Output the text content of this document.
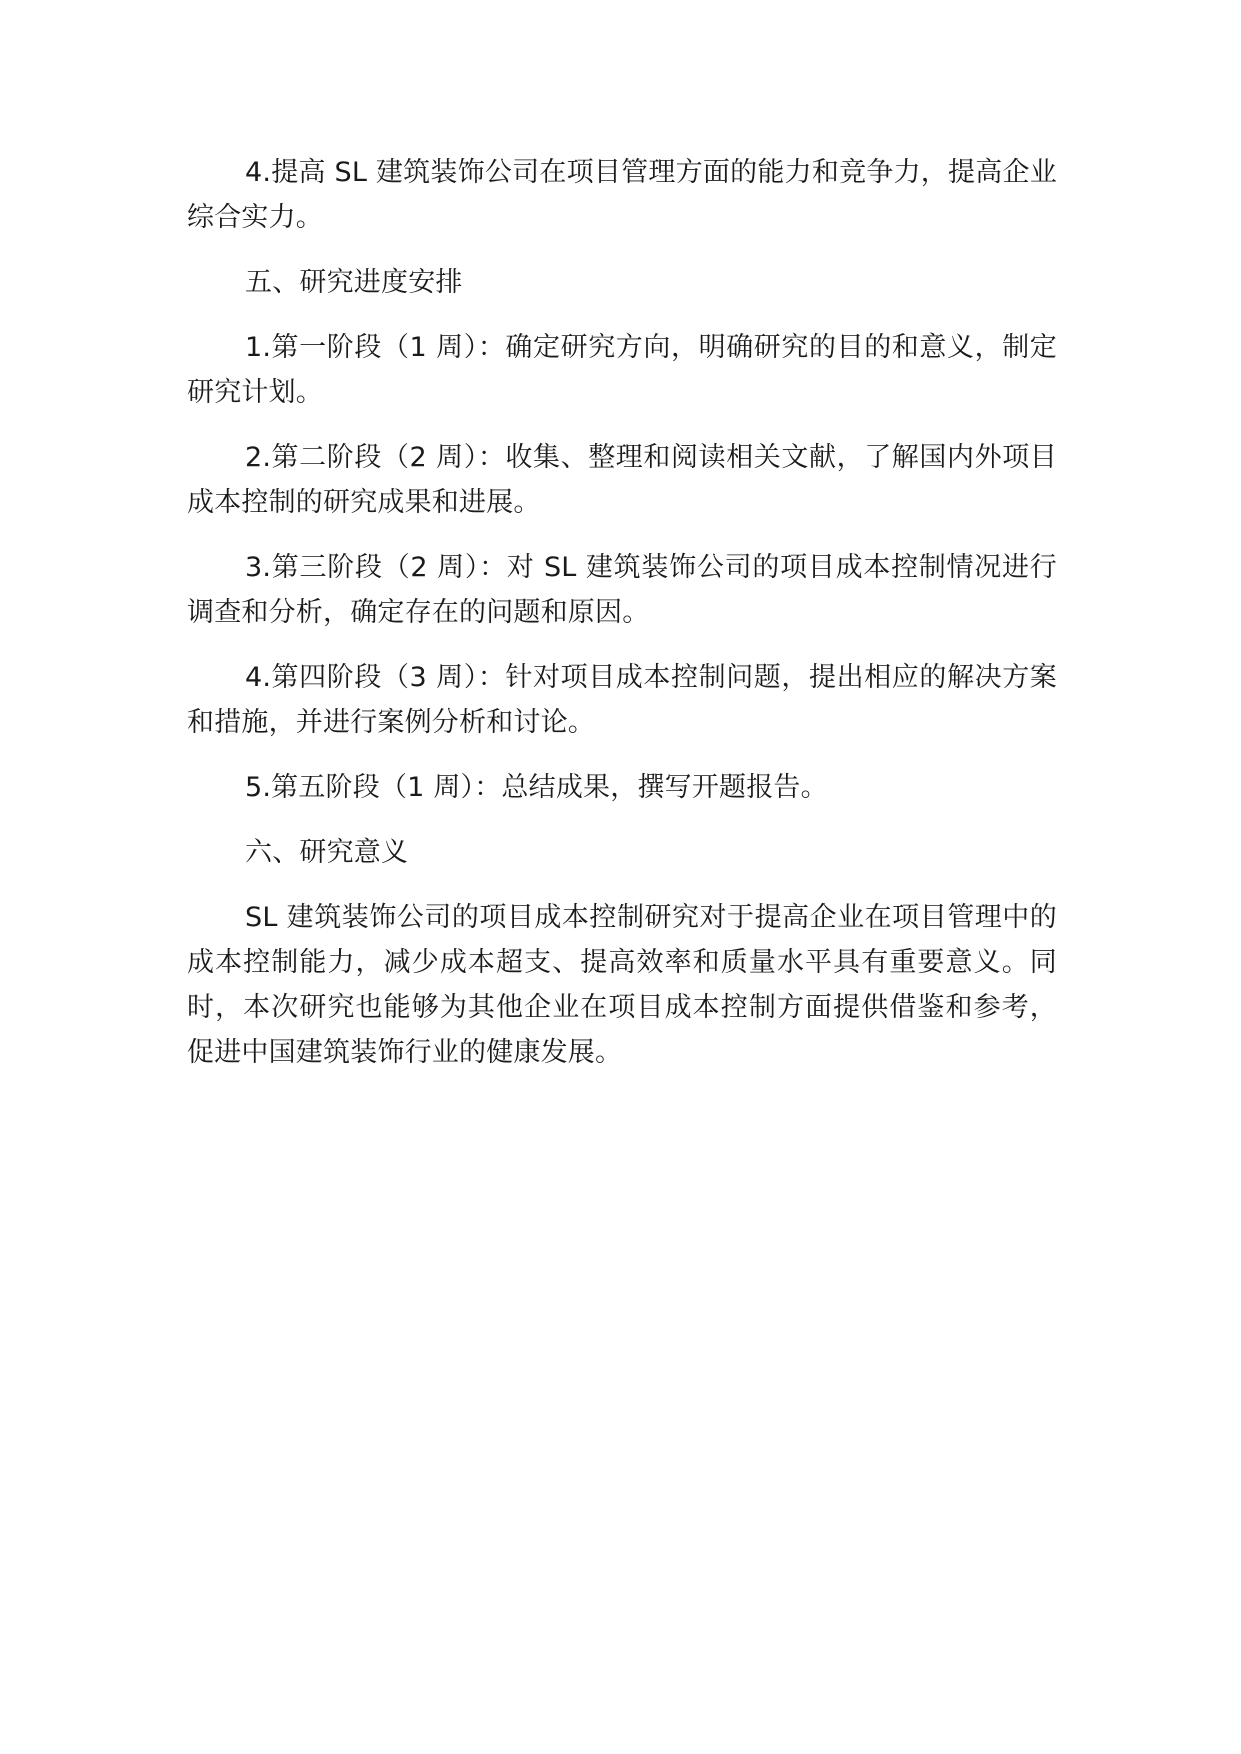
4.提高 SL 建筑装饰公司在项目管理方面的能力和竞争力，提高企业综合实力。

五、研究进度安排

1.第一阶段（1 周）：确定研究方向，明确研究的目的和意义，制定研究计划。

2.第二阶段（2 周）：收集、整理和阅读相关文献，了解国内外项目成本控制的研究成果和进展。

3.第三阶段（2 周）：对 SL 建筑装饰公司的项目成本控制情况进行调查和分析，确定存在的问题和原因。

4.第四阶段（3 周）：针对项目成本控制问题，提出相应的解决方案和措施，并进行案例分析和讨论。

5.第五阶段（1 周）：总结成果，撰写开题报告。

六、研究意义

SL 建筑装饰公司的项目成本控制研究对于提高企业在项目管理中的成本控制能力，减少成本超支、提高效率和质量水平具有重要意义。同时，本次研究也能够为其他企业在项目成本控制方面提供借鉴和参考，促进中国建筑装饰行业的健康发展。
